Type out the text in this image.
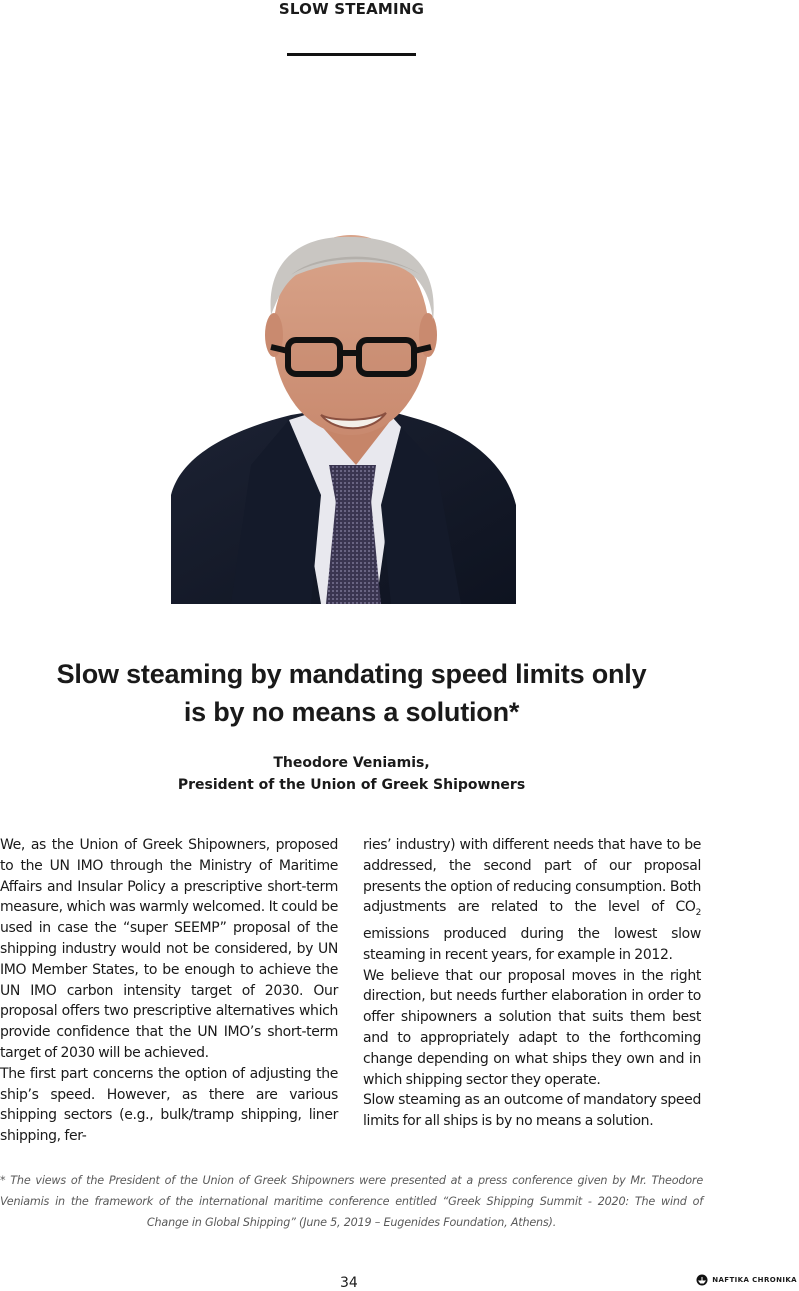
SLOW STEAMING
Slow steaming by mandating speed limits only
is by no means a solution*
Theodore Veniamis,
President of the Union of Greek Shipowners

We, as the Union of Greek Shipowners, proposed to the UN IMO through the Ministry of Maritime Affairs and Insular Policy a prescriptive short-term measure, which was warmly welcomed. It could be used in case the “super SEEMP” proposal of the shipping industry would not be considered, by UN IMO Member States, to be enough to achieve the UN IMO carbon intensity target of 2030. Our proposal offers two prescriptive alternatives which provide confidence that the UN IMO’s short-term target of 2030 will be achieved.

The first part concerns the option of adjusting the ship’s speed. However, as there are various shipping sectors (e.g., bulk/tramp shipping, liner shipping, fer-

ries’ industry) with different needs that have to be addressed, the second part of our proposal presents the option of reducing consumption. Both adjustments are related to the level of $CO_2$ emissions produced during the lowest slow steaming in recent years, for example in 2012.

We believe that our proposal moves in the right direction, but needs further elaboration in order to offer shipowners a solution that suits them best and to appropriately adapt to the forthcoming change depending on what ships they own and in which shipping sector they operate.

Slow steaming as an outcome of mandatory speed limits for all ships is by no means a solution.

* The views of the President of the Union of Greek Shipowners were presented at a press conference given by Mr. Theodore Veniamis in the framework of the international maritime conference entitled “Greek Shipping Summit - 2020: The wind of Change in Global Shipping” (June 5, 2019 – Eugenides Foundation, Athens).
34	NAFTIKA CHRONIKA
